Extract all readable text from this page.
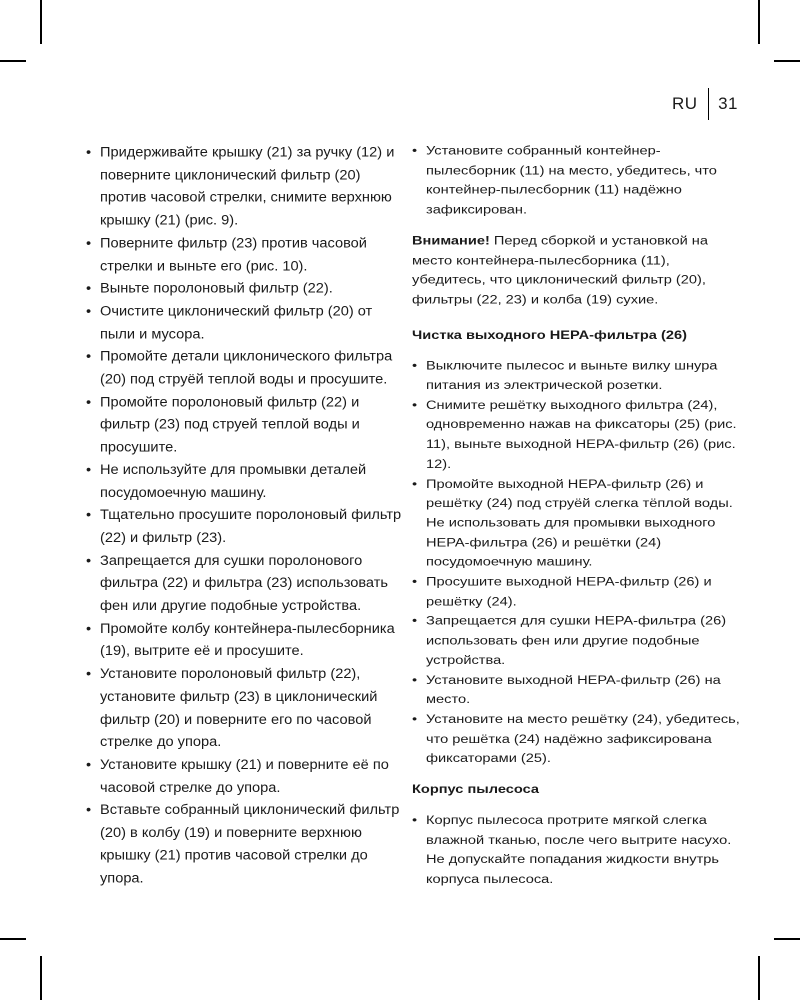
RU 31
• Придерживайте крышку (21) за ручку (12) и поверните циклонический фильтр (20) против часовой стрелки, снимите верхнюю крышку (21) (рис. 9).
• Поверните фильтр (23) против часовой стрелки и выньте его (рис. 10).
• Выньте поролоновый фильтр (22).
• Очистите циклонический фильтр (20) от пыли и мусора.
• Промойте детали циклонического фильтра (20) под струёй теплой воды и просушите.
• Промойте поролоновый фильтр (22) и фильтр (23) под струей теплой воды и просушите.
• Не используйте для промывки деталей посудомоечную машину.
• Тщательно просушите поролоновый фильтр (22) и фильтр (23).
• Запрещается для сушки поролонового фильтра (22) и фильтра (23) использовать фен или другие подобные устройства.
• Промойте колбу контейнера-пылесборника (19), вытрите её и просушите.
• Установите поролоновый фильтр (22), установите фильтр (23) в циклонический фильтр (20) и поверните его по часовой стрелке до упора.
• Установите крышку (21) и поверните её по часовой стрелке до упора.
• Вставьте собранный циклонический фильтр (20) в колбу (19) и поверните верхнюю крышку (21) против часовой стрелки до упора.
• Установите собранный контейнер-пылесборник (11) на место, убедитесь, что контейнер-пылесборник (11) надёжно зафиксирован.

Внимание! Перед сборкой и установкой на место контейнера-пылесборника (11), убедитесь, что циклонический фильтр (20), фильтры (22, 23) и колба (19) сухие.

Чистка выходного HEPA-фильтра (26)
• Выключите пылесос и выньте вилку шнура питания из электрической розетки.
• Снимите решётку выходного фильтра (24), одновременно нажав на фиксаторы (25) (рис. 11), выньте выходной HEPA-фильтр (26) (рис. 12).
• Промойте выходной HEPA-фильтр (26) и решётку (24) под струёй слегка тёплой воды. Не использовать для промывки выходного HEPA-фильтра (26) и решётки (24) посудомоечную машину.
• Просушите выходной HEPA-фильтр (26) и решётку (24).
• Запрещается для сушки HEPA-фильтра (26) использовать фен или другие подобные устройства.
• Установите выходной HEPA-фильтр (26) на место.
• Установите на место решётку (24), убедитесь, что решётка (24) надёжно зафиксирована фиксаторами (25).
Корпус пылесоса
• Корпус пылесоса протрите мягкой слегка влажной тканью, после чего вытрите насухо. Не допускайте попадания жидкости внутрь корпуса пылесоса.
